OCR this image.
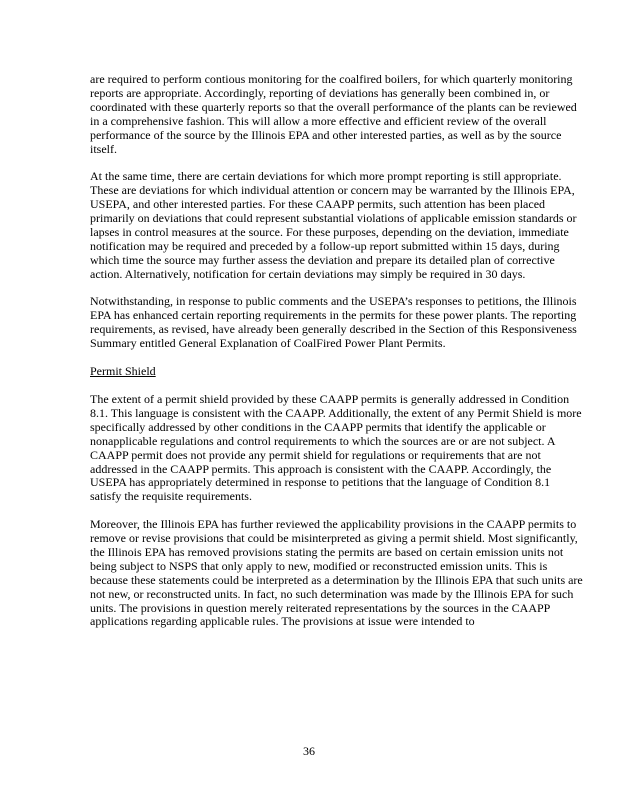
are required to perform contious monitoring for the coalfired boilers, for which quarterly monitoring reports are appropriate. Accordingly, reporting of deviations has generally been combined in, or coordinated with these quarterly reports so that the overall performance of the plants can be reviewed in a comprehensive fashion. This will allow a more effective and efficient review of the overall performance of the source by the Illinois EPA and other interested parties, as well as by the source itself.

At the same time, there are certain deviations for which more prompt reporting is still appropriate. These are deviations for which individual attention or concern may be warranted by the Illinois EPA, USEPA, and other interested parties. For these CAAPP permits, such attention has been placed primarily on deviations that could represent substantial violations of applicable emission standards or lapses in control measures at the source. For these purposes, depending on the deviation, immediate notification may be required and preceded by a follow-up report submitted within 15 days, during which time the source may further assess the deviation and prepare its detailed plan of corrective action. Alternatively, notification for certain deviations may simply be required in 30 days.

Notwithstanding, in response to public comments and the USEPA’s responses to petitions, the Illinois EPA has enhanced certain reporting requirements in the permits for these power plants. The reporting requirements, as revised, have already been generally described in the Section of this Responsiveness Summary entitled General Explanation of CoalFired Power Plant Permits.

Permit Shield

The extent of a permit shield provided by these CAAPP permits is generally addressed in Condition 8.1. This language is consistent with the CAAPP. Additionally, the extent of any Permit Shield is more specifically addressed by other conditions in the CAAPP permits that identify the applicable or nonapplicable regulations and control requirements to which the sources are or are not subject. A CAAPP permit does not provide any permit shield for regulations or requirements that are not addressed in the CAAPP permits. This approach is consistent with the CAAPP. Accordingly, the USEPA has appropriately determined in response to petitions that the language of Condition 8.1 satisfy the requisite requirements.

Moreover, the Illinois EPA has further reviewed the applicability provisions in the CAAPP permits to remove or revise provisions that could be misinterpreted as giving a permit shield. Most significantly, the Illinois EPA has removed provisions stating the permits are based on certain emission units not being subject to NSPS that only apply to new, modified or reconstructed emission units. This is because these statements could be interpreted as a determination by the Illinois EPA that such units are not new, or reconstructed units. In fact, no such determination was made by the Illinois EPA for such units. The provisions in question merely reiterated representations by the sources in the CAAPP applications regarding applicable rules. The provisions at issue were intended to

36
